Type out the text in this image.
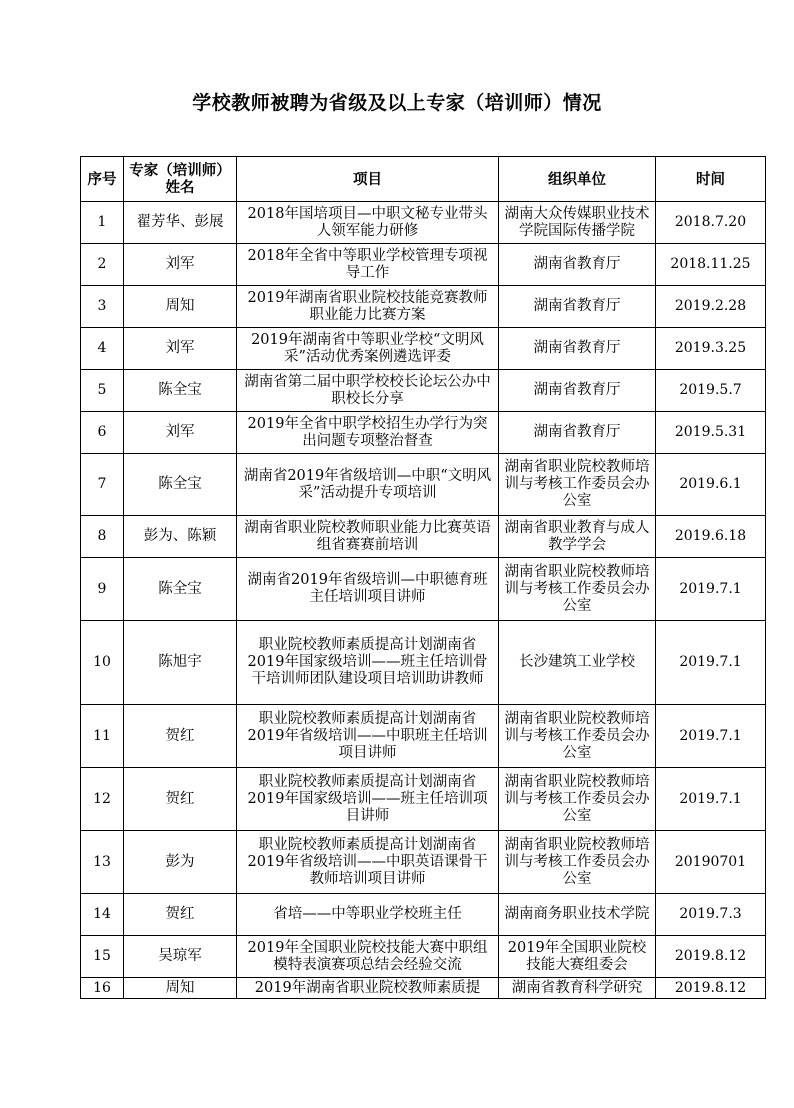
学校教师被聘为省级及以上专家（培训师）情况
序号	专家（培训师）姓名	项目	组织单位	时间
1	翟芳华、彭展	2018年国培项目—中职文秘专业带头人领军能力研修	湖南大众传媒职业技术学院国际传播学院	2018.7.20
2	刘军	2018年全省中等职业学校管理专项视导工作	湖南省教育厅	2018.11.25
3	周知	2019年湖南省职业院校技能竞赛教师职业能力比赛方案	湖南省教育厅	2019.2.28
4	刘军	2019年湖南省中等职业学校“文明风采”活动优秀案例遴选评委	湖南省教育厅	2019.3.25
5	陈全宝	湖南省第二届中职学校校长论坛公办中职校长分享	湖南省教育厅	2019.5.7
6	刘军	2019年全省中职学校招生办学行为突出问题专项整治督查	湖南省教育厅	2019.5.31
7	陈全宝	湖南省2019年省级培训—中职“文明风采”活动提升专项培训	湖南省职业院校教师培训与考核工作委员会办公室	2019.6.1
8	彭为、陈颖	湖南省职业院校教师职业能力比赛英语组省赛赛前培训	湖南省职业教育与成人教学学会	2019.6.18
9	陈全宝	湖南省2019年省级培训—中职德育班主任培训项目讲师	湖南省职业院校教师培训与考核工作委员会办公室	2019.7.1
10	陈旭宇	职业院校教师素质提高计划湖南省2019年国家级培训——班主任培训骨干培训师团队建设项目培训助讲教师	长沙建筑工业学校	2019.7.1
11	贺红	职业院校教师素质提高计划湖南省2019年省级培训——中职班主任培训项目讲师	湖南省职业院校教师培训与考核工作委员会办公室	2019.7.1
12	贺红	职业院校教师素质提高计划湖南省2019年国家级培训——班主任培训项目讲师	湖南省职业院校教师培训与考核工作委员会办公室	2019.7.1
13	彭为	职业院校教师素质提高计划湖南省2019年省级培训——中职英语课骨干教师培训项目讲师	湖南省职业院校教师培训与考核工作委员会办公室	20190701
14	贺红	省培——中等职业学校班主任	湖南商务职业技术学院	2019.7.3
15	吴琼军	2019年全国职业院校技能大赛中职组模特表演赛项总结会经验交流	2019年全国职业院校技能大赛组委会	2019.8.12
16	周知	2019年湖南省职业院校教师素质提	湖南省教育科学研究	2019.8.12
